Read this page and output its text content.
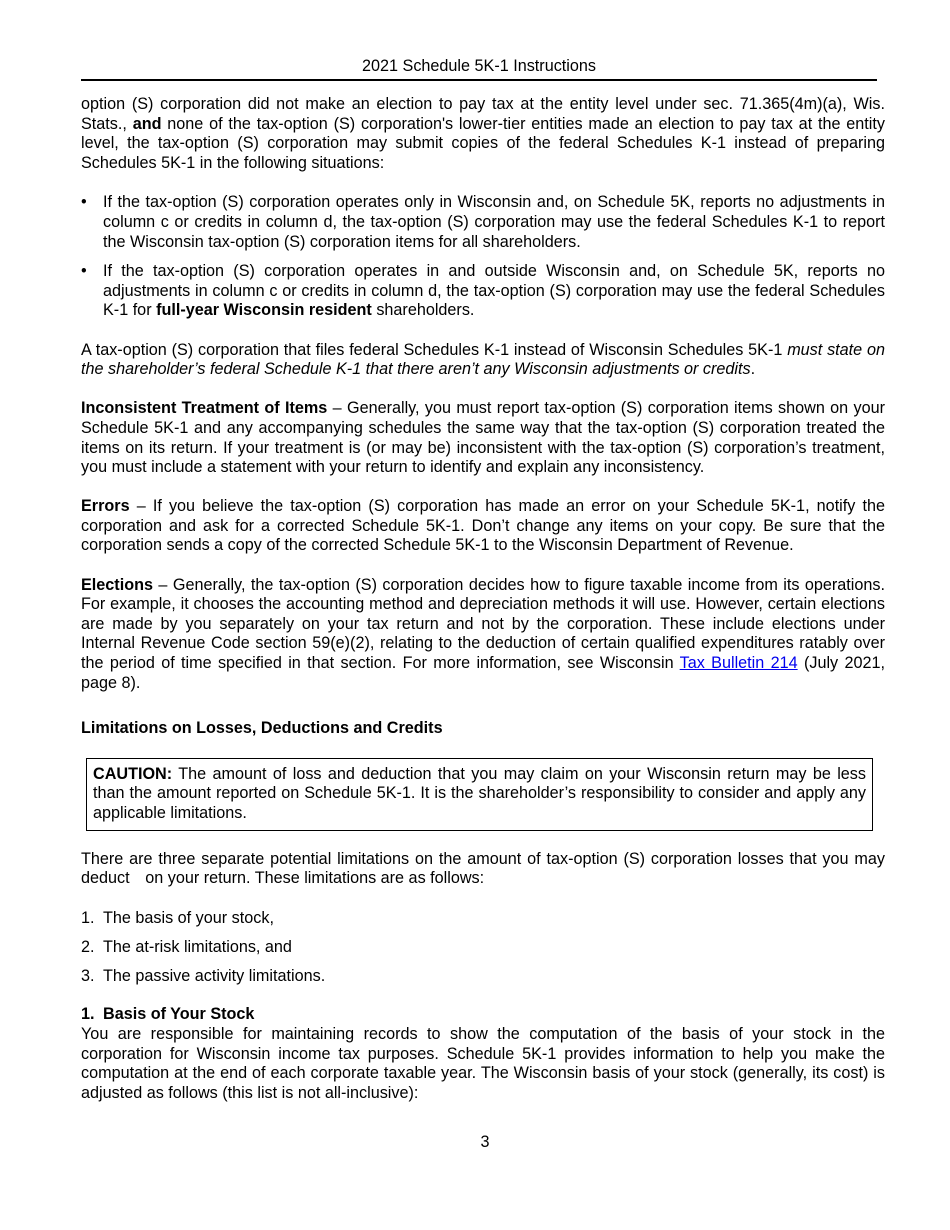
2021 Schedule 5K-1 Instructions

option (S) corporation did not make an election to pay tax at the entity level under sec. 71.365(4m)(a), Wis. Stats., and none of the tax-option (S) corporation's lower-tier entities made an election to pay tax at the entity level, the tax-option (S) corporation may submit copies of the federal Schedules K-1 instead of preparing Schedules 5K-1 in the following situations:

• If the tax-option (S) corporation operates only in Wisconsin and, on Schedule 5K, reports no adjustments in column c or credits in column d, the tax-option (S) corporation may use the federal Schedules K-1 to report the Wisconsin tax-option (S) corporation items for all shareholders.
• If the tax-option (S) corporation operates in and outside Wisconsin and, on Schedule 5K, reports no adjustments in column c or credits in column d, the tax-option (S) corporation may use the federal Schedules K-1 for full-year Wisconsin resident shareholders.

A tax-option (S) corporation that files federal Schedules K-1 instead of Wisconsin Schedules 5K-1 must state on the shareholder’s federal Schedule K-1 that there aren’t any Wisconsin adjustments or credits.

Inconsistent Treatment of Items – Generally, you must report tax-option (S) corporation items shown on your Schedule 5K-1 and any accompanying schedules the same way that the tax-option (S) corporation treated the items on its return. If your treatment is (or may be) inconsistent with the tax-option (S) corporation’s treatment, you must include a statement with your return to identify and explain any inconsistency.

Errors – If you believe the tax-option (S) corporation has made an error on your Schedule 5K-1, notify the corporation and ask for a corrected Schedule 5K-1. Don’t change any items on your copy. Be sure that the corporation sends a copy of the corrected Schedule 5K-1 to the Wisconsin Department of Revenue.

Elections – Generally, the tax-option (S) corporation decides how to figure taxable income from its operations. For example, it chooses the accounting method and depreciation methods it will use. However, certain elections are made by you separately on your tax return and not by the corporation. These include elections under Internal Revenue Code section 59(e)(2), relating to the deduction of certain qualified expenditures ratably over the period of time specified in that section. For more information, see Wisconsin Tax Bulletin 214 (July 2021, page 8).

Limitations on Losses, Deductions and Credits
CAUTION: The amount of loss and deduction that you may claim on your Wisconsin return may be less than the amount reported on Schedule 5K-1. It is the shareholder’s responsibility to consider and apply any applicable limitations.

There are three separate potential limitations on the amount of tax-option (S) corporation losses that you may deductᅠon your return. These limitations are as follows:

1. The basis of your stock,
2. The at-risk limitations, and
3. The passive activity limitations.
1. Basis of Your Stock

You are responsible for maintaining records to show the computation of the basis of your stock in the corporation for Wisconsin income tax purposes. Schedule 5K-1 provides information to help you make the computation at the end of each corporate taxable year. The Wisconsin basis of your stock (generally, its cost) is adjusted as follows (this list is not all-inclusive):

3
